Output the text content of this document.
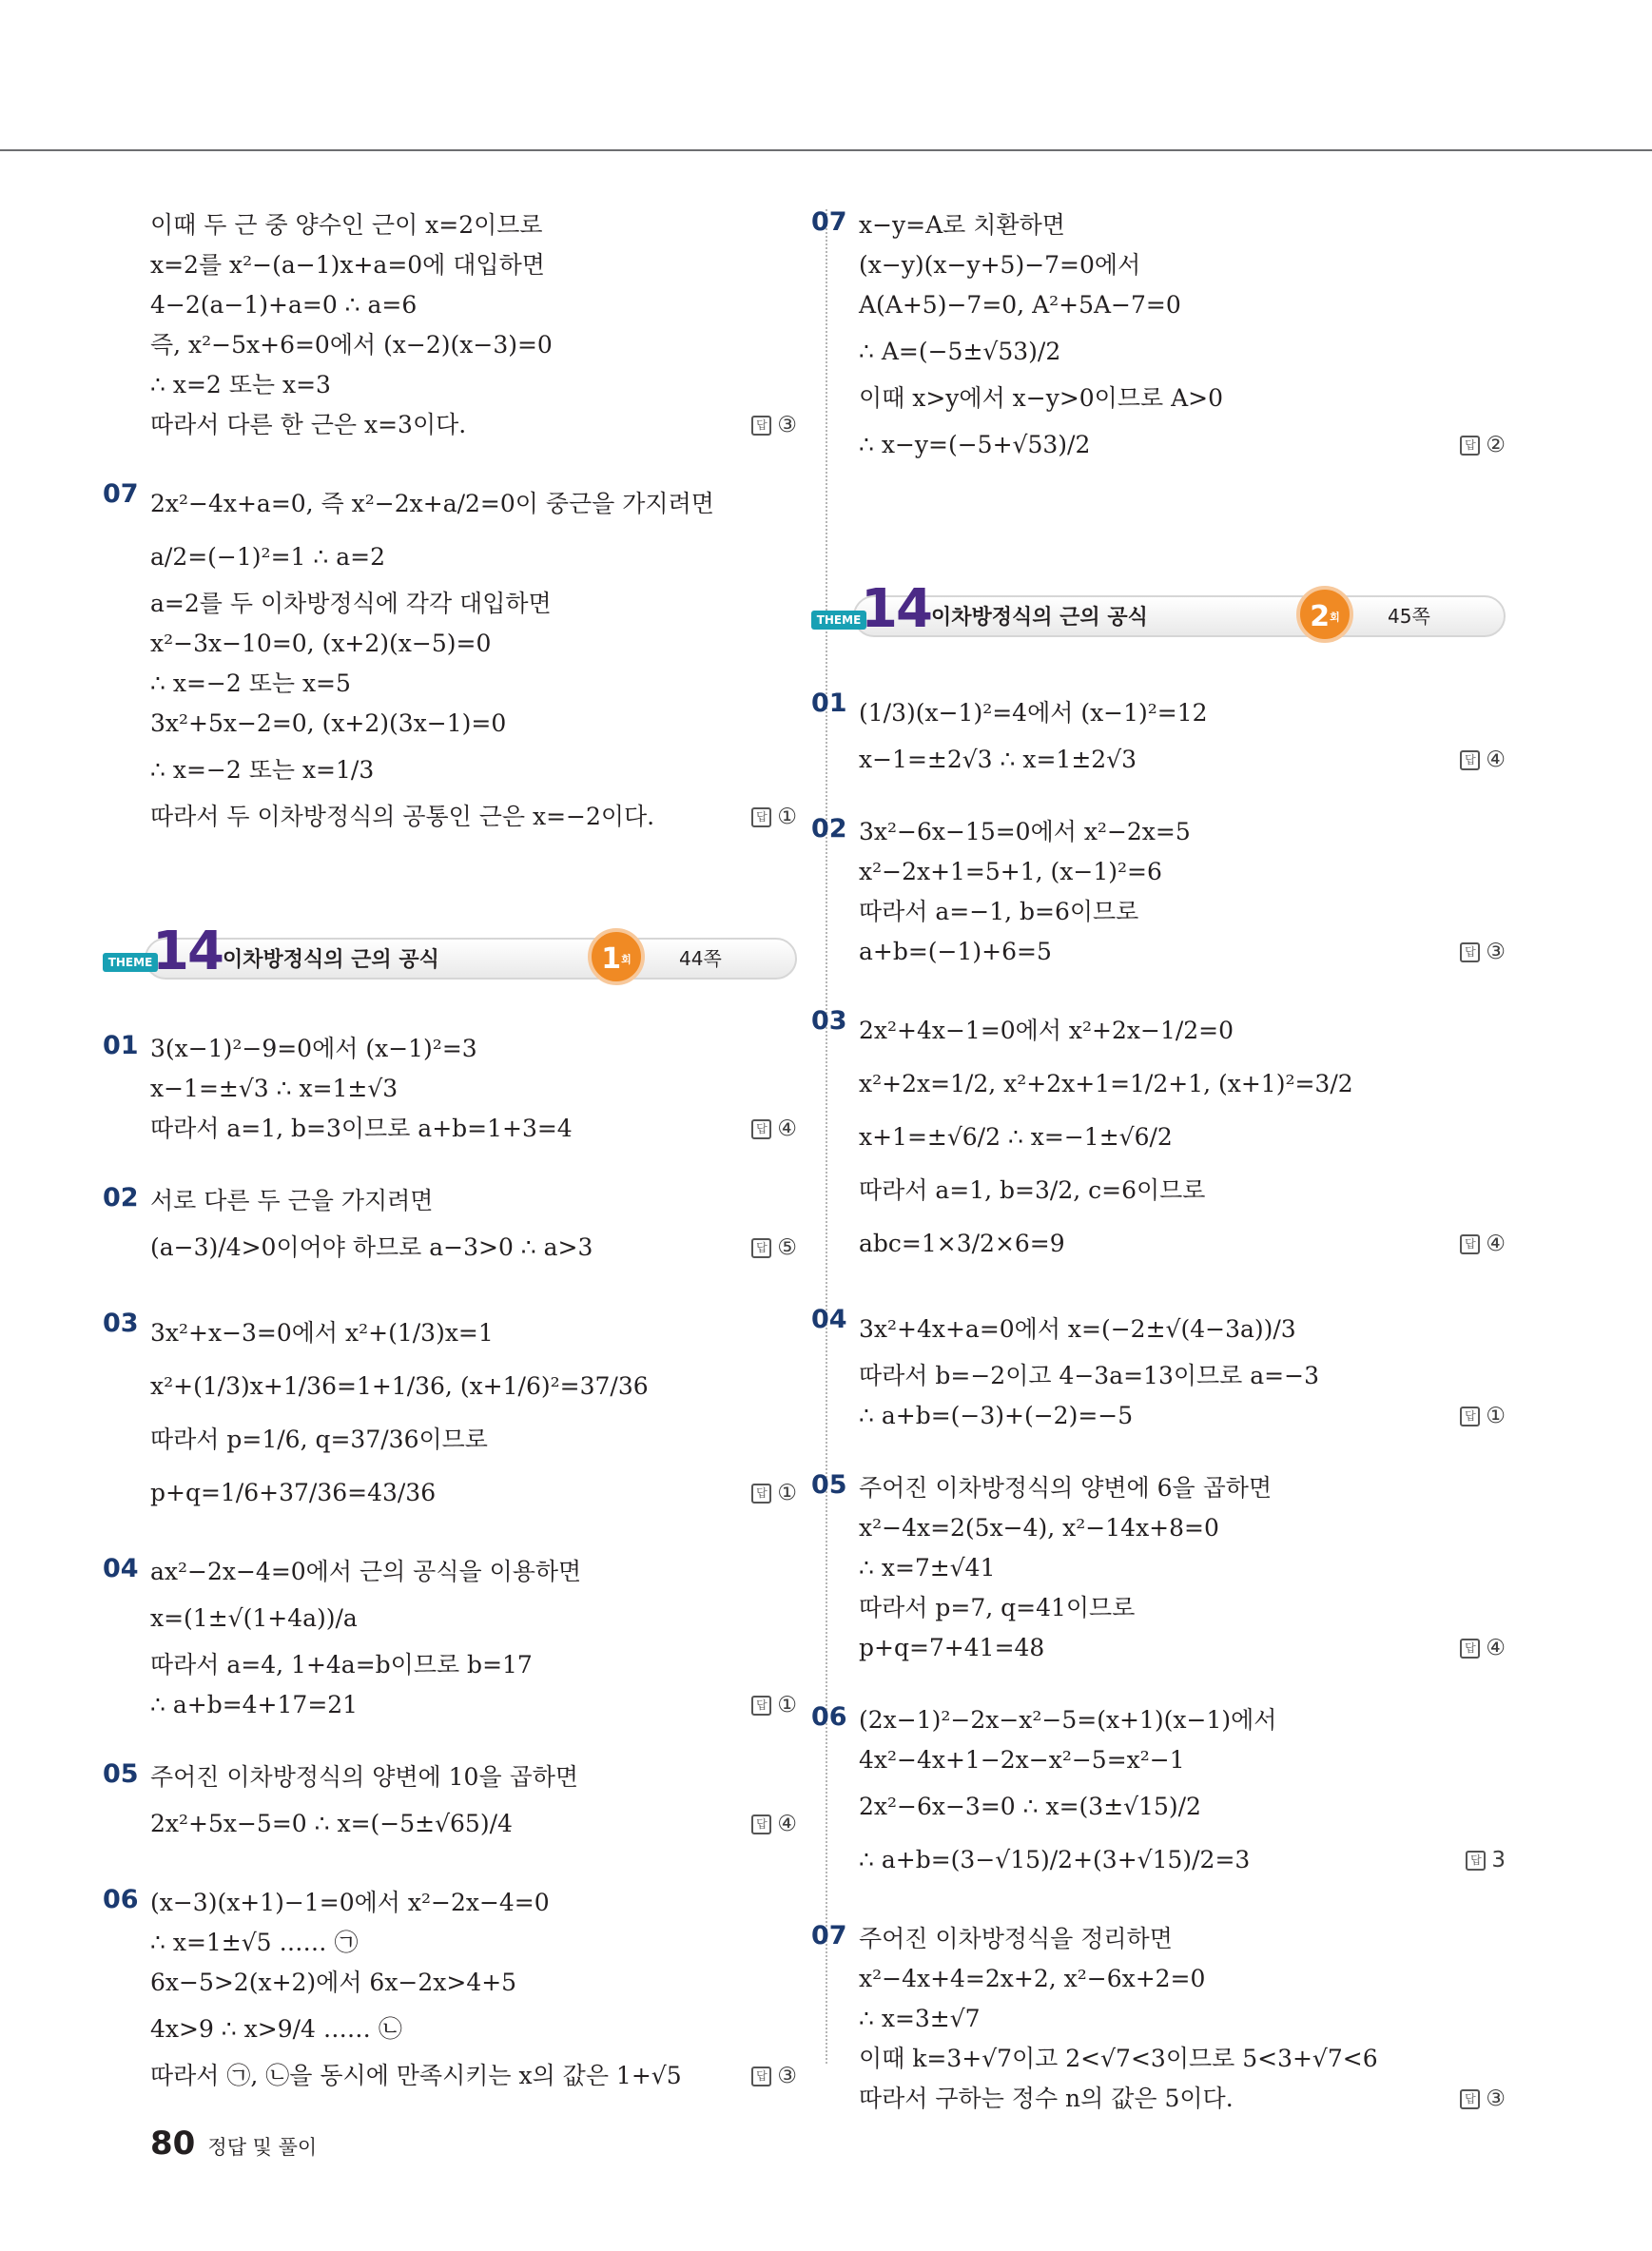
이때 두 근 중 양수인 근이 x=2이므로
x=2를 x²−(a−1)x+a=0에 대입하면
4−2(a−1)+a=0 ∴ a=6
즉, x²−5x+6=0에서 (x−2)(x−3)=0
∴ x=2 또는 x=3
따라서 다른 한 근은 x=3이다.	답 ③
07 2x²−4x+a=0, 즉 x²−2x+a/2=0이 중근을 가지려면
a/2=(−1)²=1 ∴ a=2
a=2를 두 이차방정식에 각각 대입하면
x²−3x−10=0, (x+2)(x−5)=0
∴ x=−2 또는 x=5
3x²+5x−2=0, (x+2)(3x−1)=0
∴ x=−2 또는 x=1/3
따라서 두 이차방정식의 공통인 근은 x=−2이다.	답 ①
THEME 14 이차방정식의 근의 공식	1회	44쪽
01 3(x−1)²−9=0에서 (x−1)²=3
x−1=±√3 ∴ x=1±√3
따라서 a=1, b=3이므로 a+b=1+3=4	답 ④
02 서로 다른 두 근을 가지려면
(a−3)/4>0이어야 하므로 a−3>0 ∴ a>3	답 ⑤
03 3x²+x−3=0에서 x²+(1/3)x=1
x²+(1/3)x+1/36=1+1/36, (x+1/6)²=37/36
따라서 p=1/6, q=37/36이므로
p+q=1/6+37/36=43/36	답 ①
04 ax²−2x−4=0에서 근의 공식을 이용하면
x=(1±√(1+4a))/a
따라서 a=4, 1+4a=b이므로 b=17
∴ a+b=4+17=21	답 ①
05 주어진 이차방정식의 양변에 10을 곱하면
2x²+5x−5=0 ∴ x=(−5±√65)/4	답 ④
06 (x−3)(x+1)−1=0에서 x²−2x−4=0
∴ x=1±√5 …… ㉠
6x−5>2(x+2)에서 6x−2x>4+5
4x>9 ∴ x>9/4 …… ㉡
따라서 ㉠, ㉡을 동시에 만족시키는 x의 값은 1+√5	답 ③
07 x−y=A로 치환하면
(x−y)(x−y+5)−7=0에서
A(A+5)−7=0, A²+5A−7=0
∴ A=(−5±√53)/2
이때 x>y에서 x−y>0이므로 A>0
∴ x−y=(−5+√53)/2	답 ②
THEME 14 이차방정식의 근의 공식	2회	45쪽
01 (1/3)(x−1)²=4에서 (x−1)²=12
x−1=±2√3 ∴ x=1±2√3	답 ④
02 3x²−6x−15=0에서 x²−2x=5
x²−2x+1=5+1, (x−1)²=6
따라서 a=−1, b=6이므로
a+b=(−1)+6=5	답 ③
03 2x²+4x−1=0에서 x²+2x−1/2=0
x²+2x=1/2, x²+2x+1=1/2+1, (x+1)²=3/2
x+1=±√6/2 ∴ x=−1±√6/2
따라서 a=1, b=3/2, c=6이므로
abc=1×3/2×6=9	답 ④
04 3x²+4x+a=0에서 x=(−2±√(4−3a))/3
따라서 b=−2이고 4−3a=13이므로 a=−3
∴ a+b=(−3)+(−2)=−5	답 ①
05 주어진 이차방정식의 양변에 6을 곱하면
x²−4x=2(5x−4), x²−14x+8=0
∴ x=7±√41
따라서 p=7, q=41이므로
p+q=7+41=48	답 ④
06 (2x−1)²−2x−x²−5=(x+1)(x−1)에서
4x²−4x+1−2x−x²−5=x²−1
2x²−6x−3=0 ∴ x=(3±√15)/2
∴ a+b=(3−√15)/2+(3+√15)/2=3	답 3
07 주어진 이차방정식을 정리하면
x²−4x+4=2x+2, x²−6x+2=0
∴ x=3±√7
이때 k=3+√7이고 2<√7<3이므로 5<3+√7<6
따라서 구하는 정수 n의 값은 5이다.	답 ③
80 정답 및 풀이
